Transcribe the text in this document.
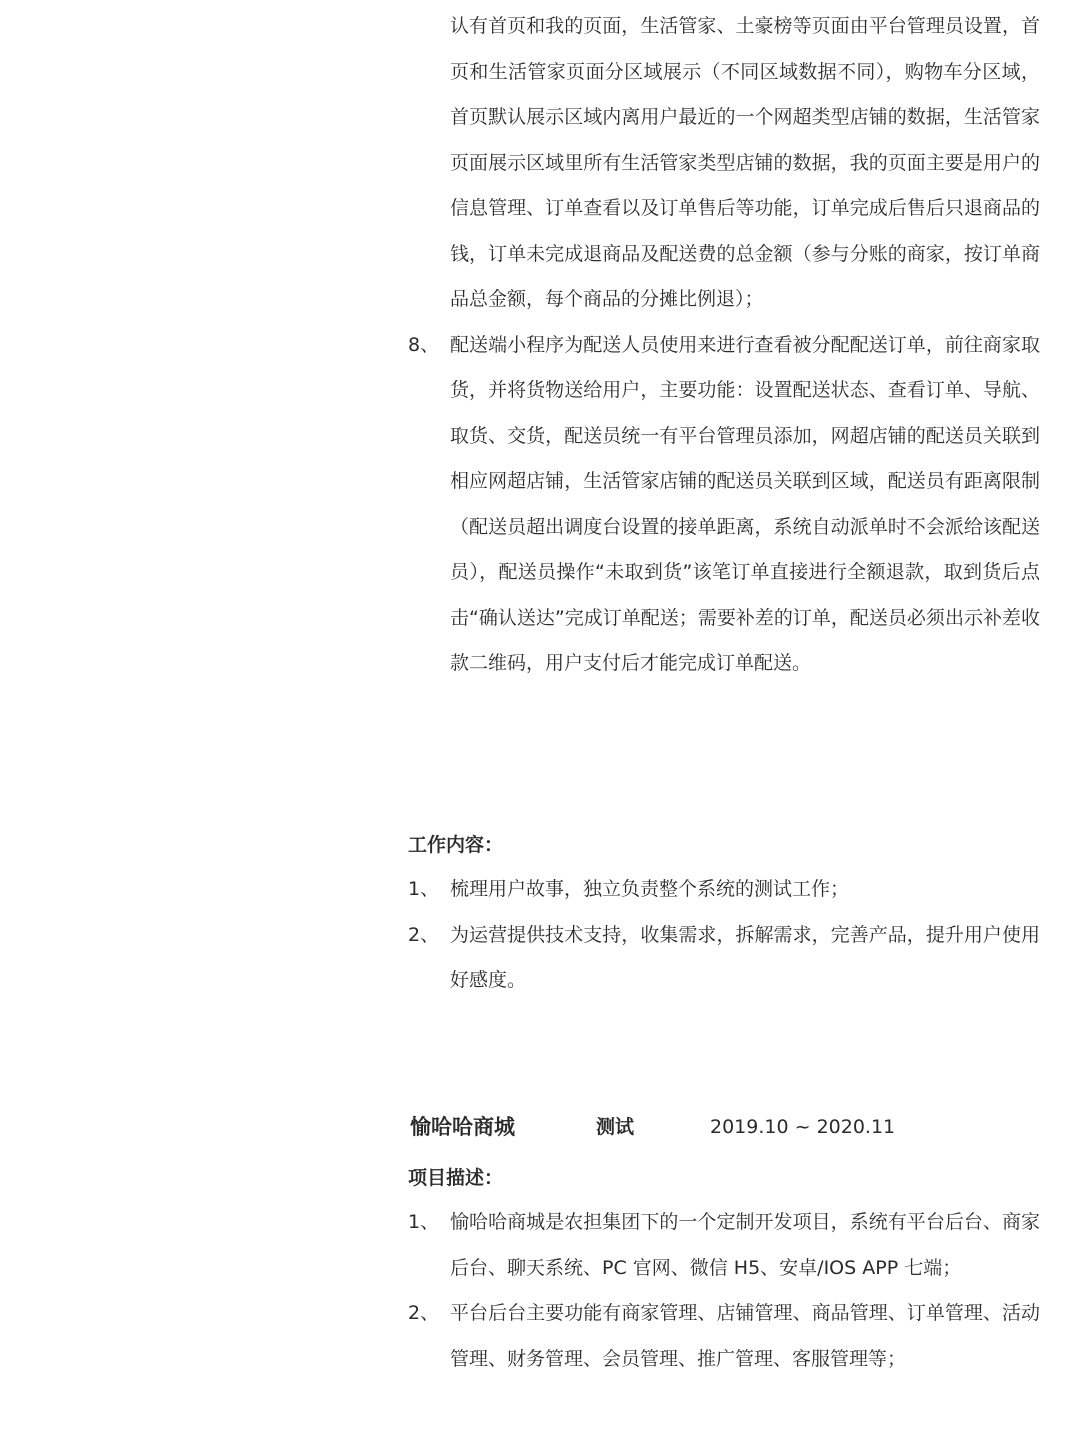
认有首页和我的页面，生活管家、土豪榜等页面由平台管理员设置，首页和生活管家页面分区域展示（不同区域数据不同），购物车分区域，首页默认展示区域内离用户最近的一个网超类型店铺的数据，生活管家页面展示区域里所有生活管家类型店铺的数据，我的页面主要是用户的信息管理、订单查看以及订单售后等功能，订单完成后售后只退商品的钱，订单未完成退商品及配送费的总金额（参与分账的商家，按订单商品总金额，每个商品的分摊比例退）；
8、 配送端小程序为配送人员使用来进行查看被分配配送订单，前往商家取货，并将货物送给用户，主要功能：设置配送状态、查看订单、导航、取货、交货，配送员统一有平台管理员添加，网超店铺的配送员关联到相应网超店铺，生活管家店铺的配送员关联到区域，配送员有距离限制（配送员超出调度台设置的接单距离，系统自动派单时不会派给该配送员），配送员操作“未取到货”该笔订单直接进行全额退款，取到货后点击“确认送达”完成订单配送；需要补差的订单，配送员必须出示补差收款二维码，用户支付后才能完成订单配送。
工作内容：
1、 梳理用户故事，独立负责整个系统的测试工作；
2、 为运营提供技术支持，收集需求，拆解需求，完善产品，提升用户使用好感度。
愉哈哈商城	测试	2019.10 ~ 2020.11
项目描述：
1、 愉哈哈商城是农担集团下的一个定制开发项目，系统有平台后台、商家后台、聊天系统、PC 官网、微信 H5、安卓/IOS APP 七端；
2、 平台后台主要功能有商家管理、店铺管理、商品管理、订单管理、活动管理、财务管理、会员管理、推广管理、客服管理等；
